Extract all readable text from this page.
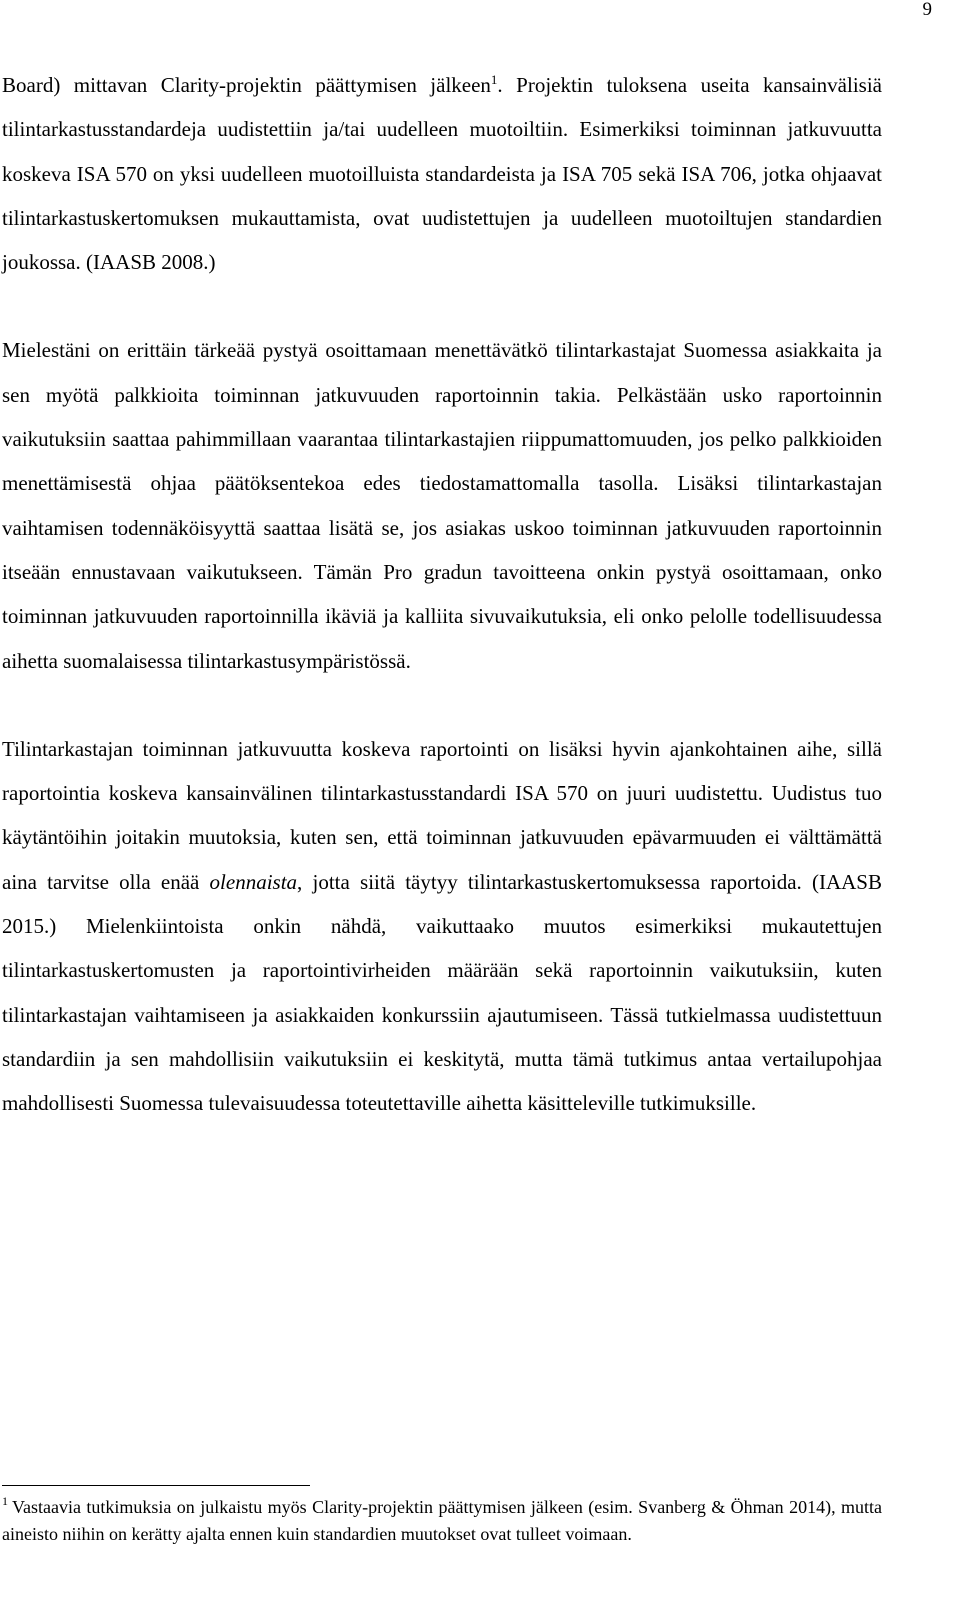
9

Board) mittavan Clarity-projektin päättymisen jälkeen$^1$. Projektin tuloksena useita kansainvälisiä tilintarkastusstandardeja uudistettiin ja/tai uudelleen muotoiltiin. Esimerkiksi toiminnan jatkuvuutta koskeva ISA 570 on yksi uudelleen muotoilluista standardeista ja ISA 705 sekä ISA 706, jotka ohjaavat tilintarkastuskertomuksen mukauttamista, ovat uudistettujen ja uudelleen muotoiltujen standardien joukossa. (IAASB 2008.)

Mielestäni on erittäin tärkeää pystyä osoittamaan menettävätkö tilintarkastajat Suomessa asiakkaita ja sen myötä palkkioita toiminnan jatkuvuuden raportoinnin takia. Pelkästään usko raportoinnin vaikutuksiin saattaa pahimmillaan vaarantaa tilintarkastajien riippumattomuuden, jos pelko palkkioiden menettämisestä ohjaa päätöksentekoa edes tiedostamattomalla tasolla. Lisäksi tilintarkastajan vaihtamisen todennäköisyyttä saattaa lisätä se, jos asiakas uskoo toiminnan jatkuvuuden raportoinnin itseään ennustavaan vaikutukseen. Tämän Pro gradun tavoitteena onkin pystyä osoittamaan, onko toiminnan jatkuvuuden raportoinnilla ikäviä ja kalliita sivuvaikutuksia, eli onko pelolle todellisuudessa aihetta suomalaisessa tilintarkastusympäristössä.

Tilintarkastajan toiminnan jatkuvuutta koskeva raportointi on lisäksi hyvin ajankohtainen aihe, sillä raportointia koskeva kansainvälinen tilintarkastusstandardi ISA 570 on juuri uudistettu. Uudistus tuo käytäntöihin joitakin muutoksia, kuten sen, että toiminnan jatkuvuuden epävarmuuden ei välttämättä aina tarvitse olla enää olennaista, jotta siitä täytyy tilintarkastuskertomuksessa raportoida. (IAASB 2015.) Mielenkiintoista onkin nähdä, vaikuttaako muutos esimerkiksi mukautettujen tilintarkastuskertomusten ja raportointivirheiden määrään sekä raportoinnin vaikutuksiin, kuten tilintarkastajan vaihtamiseen ja asiakkaiden konkurssiin ajautumiseen. Tässä tutkielmassa uudistettuun standardiin ja sen mahdollisiin vaikutuksiin ei keskitytä, mutta tämä tutkimus antaa vertailupohjaa mahdollisesti Suomessa tulevaisuudessa toteutettaville aihetta käsitteleville tutkimuksille.

$^1$ Vastaavia tutkimuksia on julkaistu myös Clarity-projektin päättymisen jälkeen (esim. Svanberg & Öhman 2014), mutta aineisto niihin on kerätty ajalta ennen kuin standardien muutokset ovat tulleet voimaan.
